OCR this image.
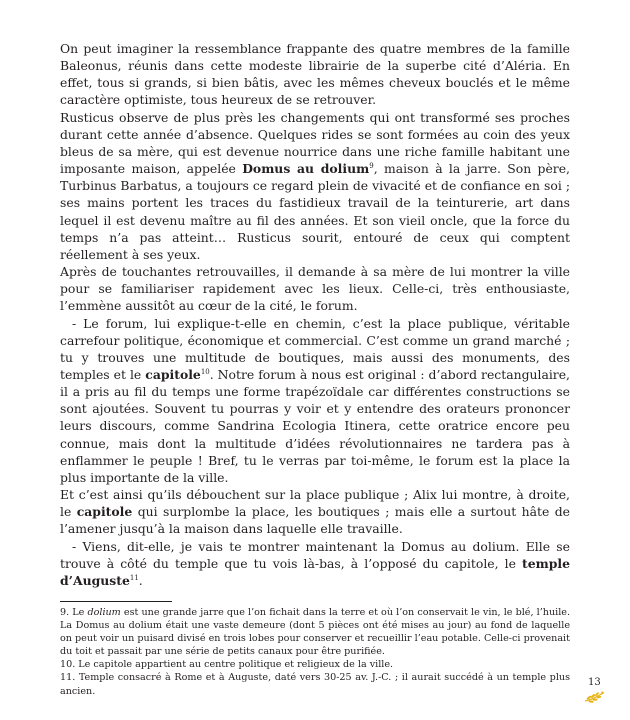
On peut imaginer la ressemblance frappante des quatre membres de la famille Baleonus, réunis dans cette modeste librairie de la superbe cité d’Aléria. En effet, tous si grands, si bien bâtis, avec les mêmes cheveux bouclés et le même caractère optimiste, tous heureux de se retrouver.

Rusticus observe de plus près les changements qui ont transformé ses proches durant cette année d’absence. Quelques rides se sont formées au coin des yeux bleus de sa mère, qui est devenue nourrice dans une riche famille habitant une imposante maison, appelée Domus au dolium$^9$, maison à la jarre. Son père, Turbinus Barbatus, a toujours ce regard plein de vivacité et de confiance en soi ; ses mains portent les traces du fastidieux travail de la teinturerie, art dans lequel il est devenu maître au fil des années. Et son vieil oncle, que la force du temps n’a pas atteint… Rusticus sourit, entouré de ceux qui comptent réellement à ses yeux.

Après de touchantes retrouvailles, il demande à sa mère de lui montrer la ville pour se familiariser rapidement avec les lieux. Celle-ci, très enthousiaste, l’emmène aussitôt au cœur de la cité, le forum.

- Le forum, lui explique-t-elle en chemin, c’est la place publique, véritable carrefour politique, économique et commercial. C’est comme un grand marché ; tu y trouves une multitude de boutiques, mais aussi des monuments, des temples et le capitole$^{10}$. Notre forum à nous est original : d’abord rectangulaire, il a pris au fil du temps une forme trapézoïdale car différentes constructions se sont ajoutées. Souvent tu pourras y voir et y entendre des orateurs prononcer leurs discours, comme Sandrina Ecologia Itinera, cette oratrice encore peu connue, mais dont la multitude d’idées révolutionnaires ne tardera pas à enflammer le peuple ! Bref, tu le verras par toi-même, le forum est la place la plus importante de la ville.

Et c’est ainsi qu’ils débouchent sur la place publique ; Alix lui montre, à droite, le capitole qui surplombe la place, les boutiques ; mais elle a surtout hâte de l’amener jusqu’à la maison dans laquelle elle travaille.

- Viens, dit-elle, je vais te montrer maintenant la Domus au dolium. Elle se trouve à côté du temple que tu vois là-bas, à l’opposé du capitole, le temple d’Auguste$^{11}$.

9. Le dolium est une grande jarre que l’on fichait dans la terre et où l’on conservait le vin, le blé, l’huile. La Domus au dolium était une vaste demeure (dont 5 pièces ont été mises au jour) au fond de laquelle on peut voir un puisard divisé en trois lobes pour conserver et recueillir l’eau potable. Celle-ci provenait du toit et passait par une série de petits canaux pour être purifiée.

10. Le capitole appartient au centre politique et religieux de la ville.

11. Temple consacré à Rome et à Auguste, daté vers 30-25 av. J.-C. ; il aurait succédé à un temple plus ancien.

13
